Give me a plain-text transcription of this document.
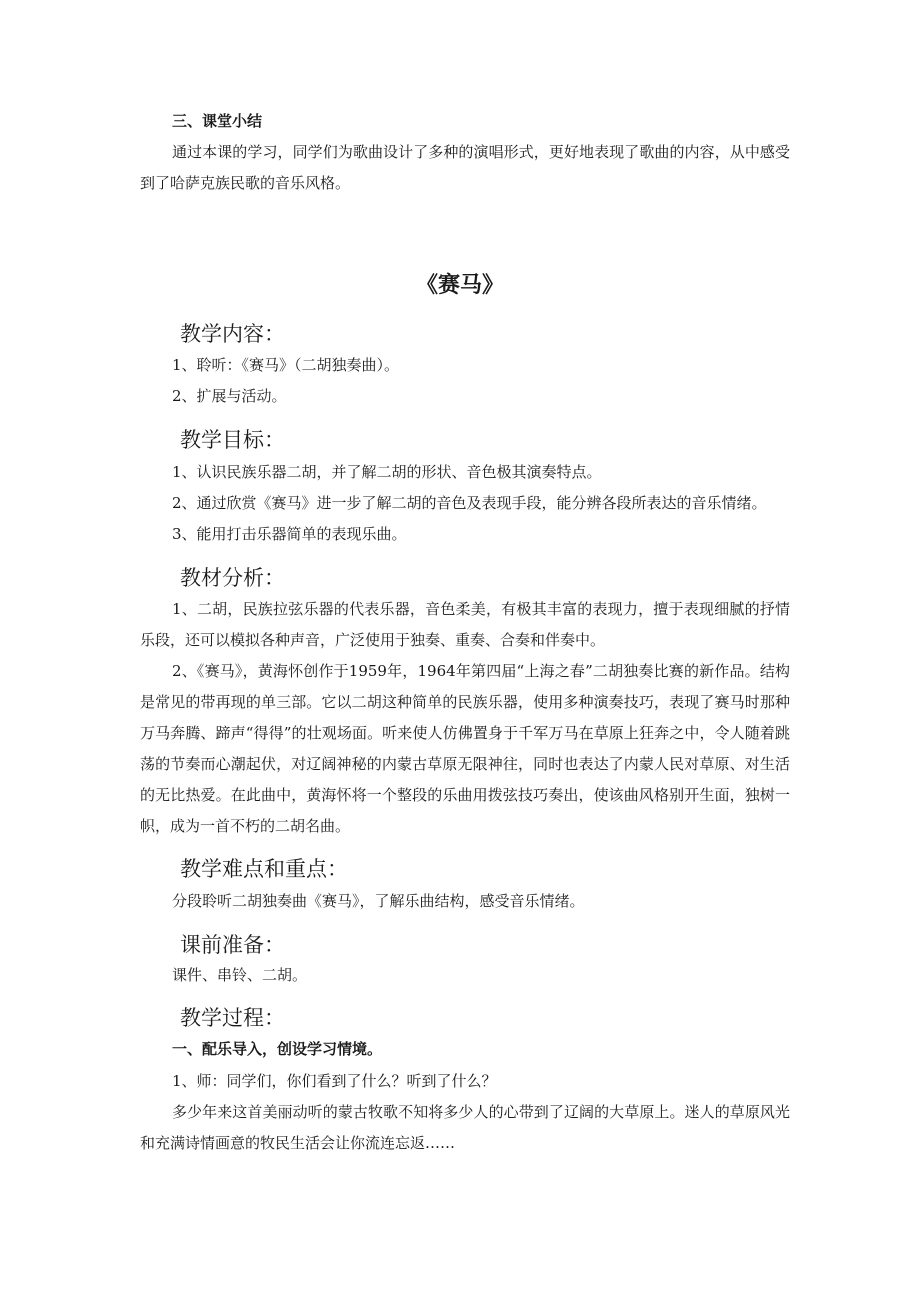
三、课堂小结

通过本课的学习，同学们为歌曲设计了多种的演唱形式，更好地表现了歌曲的内容，从中感受到了哈萨克族民歌的音乐风格。

《赛马》
教学内容：

1、聆听：《赛马》（二胡独奏曲）。

2、扩展与活动。

教学目标：

1、认识民族乐器二胡，并了解二胡的形状、音色极其演奏特点。

2、通过欣赏《赛马》进一步了解二胡的音色及表现手段，能分辨各段所表达的音乐情绪。

3、能用打击乐器简单的表现乐曲。

教材分析：

1、二胡，民族拉弦乐器的代表乐器，音色柔美，有极其丰富的表现力，擅于表现细腻的抒情乐段，还可以模拟各种声音，广泛使用于独奏、重奏、合奏和伴奏中。

2、《赛马》，黄海怀创作于1959年，1964年第四届“上海之春”二胡独奏比赛的新作品。结构是常见的带再现的单三部。它以二胡这种简单的民族乐器，使用多种演奏技巧，表现了赛马时那种万马奔腾、蹄声“得得”的壮观场面。听来使人仿佛置身于千军万马在草原上狂奔之中，令人随着跳荡的节奏而心潮起伏，对辽阔神秘的内蒙古草原无限神往，同时也表达了内蒙人民对草原、对生活的无比热爱。在此曲中，黄海怀将一个整段的乐曲用拨弦技巧奏出，使该曲风格别开生面，独树一帜，成为一首不朽的二胡名曲。

教学难点和重点：

分段聆听二胡独奏曲《赛马》，了解乐曲结构，感受音乐情绪。

课前准备：

课件、串铃、二胡。

教学过程：

一、配乐导入，创设学习情境。

1、师：同学们，你们看到了什么？听到了什么？

多少年来这首美丽动听的蒙古牧歌不知将多少人的心带到了辽阔的大草原上。迷人的草原风光和充满诗情画意的牧民生活会让你流连忘返……
